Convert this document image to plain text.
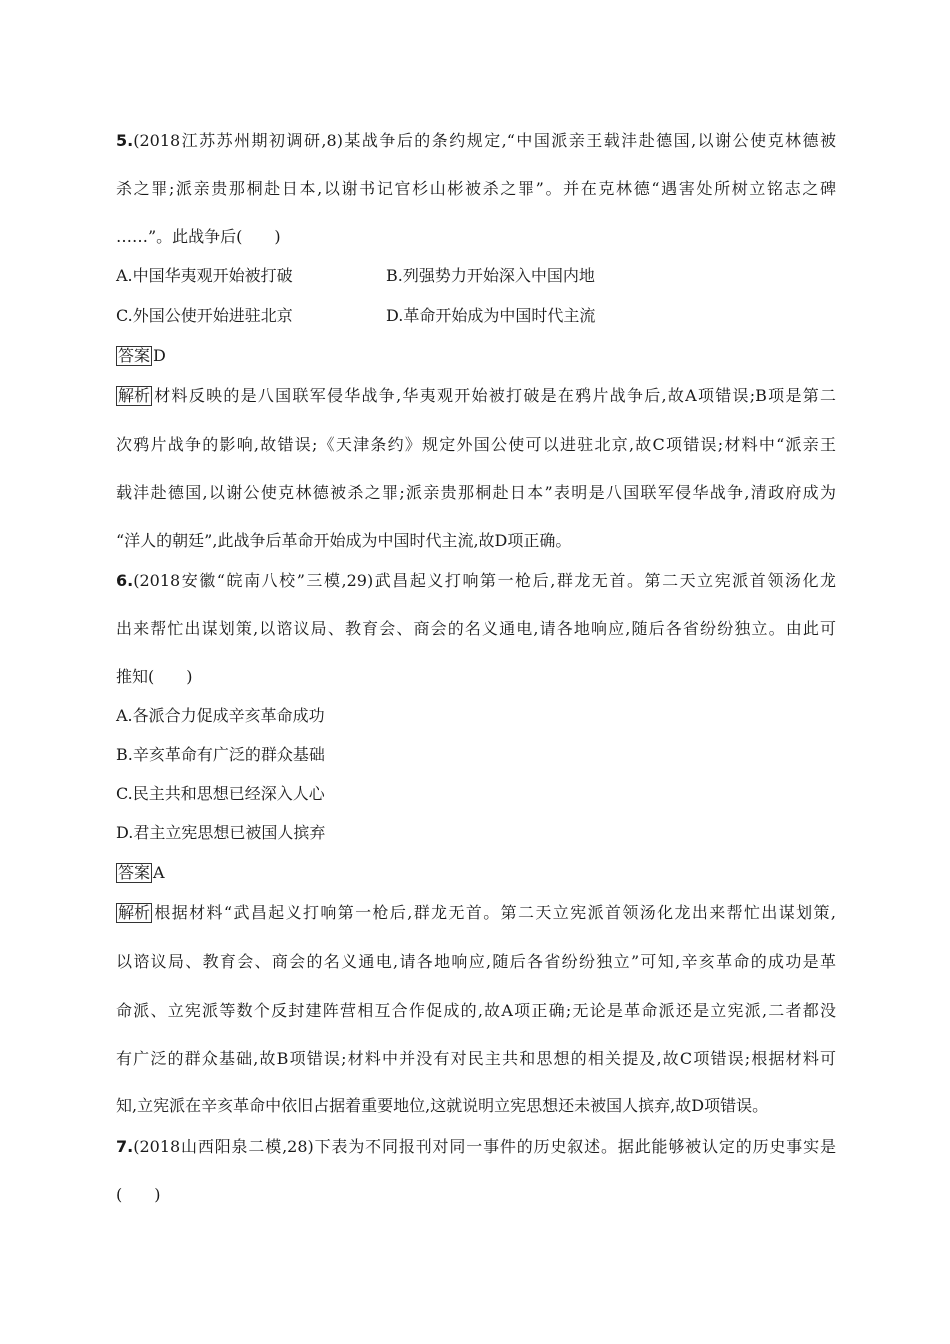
5.(2018江苏苏州期初调研,8)某战争后的条约规定,“中国派亲王载沣赴德国,以谢公使克林德被
杀之罪;派亲贵那桐赴日本,以谢书记官杉山彬被杀之罪”。并在克林德“遇害处所树立铭志之碑
……”。此战争后(　　)
A.中国华夷观开始被打破	B.列强势力开始深入中国内地
C.外国公使开始进驻北京	D.革命开始成为中国时代主流
答案 D
解析 材料反映的是八国联军侵华战争,华夷观开始被打破是在鸦片战争后,故A项错误;B项是第二
次鸦片战争的影响,故错误;《天津条约》规定外国公使可以进驻北京,故C项错误;材料中“派亲王
载沣赴德国,以谢公使克林德被杀之罪;派亲贵那桐赴日本”表明是八国联军侵华战争,清政府成为
“洋人的朝廷”,此战争后革命开始成为中国时代主流,故D项正确。
6.(2018安徽“皖南八校”三模,29)武昌起义打响第一枪后,群龙无首。第二天立宪派首领汤化龙
出来帮忙出谋划策,以谘议局、教育会、商会的名义通电,请各地响应,随后各省纷纷独立。由此可
推知(　　)
A.各派合力促成辛亥革命成功
B.辛亥革命有广泛的群众基础
C.民主共和思想已经深入人心
D.君主立宪思想已被国人摈弃
答案 A
解析 根据材料“武昌起义打响第一枪后,群龙无首。第二天立宪派首领汤化龙出来帮忙出谋划策,
以谘议局、教育会、商会的名义通电,请各地响应,随后各省纷纷独立”可知,辛亥革命的成功是革
命派、立宪派等数个反封建阵营相互合作促成的,故A项正确;无论是革命派还是立宪派,二者都没
有广泛的群众基础,故B项错误;材料中并没有对民主共和思想的相关提及,故C项错误;根据材料可
知,立宪派在辛亥革命中依旧占据着重要地位,这就说明立宪思想还未被国人摈弃,故D项错误。
7.(2018山西阳泉二模,28)下表为不同报刊对同一事件的历史叙述。据此能够被认定的历史事实是
(　　)
